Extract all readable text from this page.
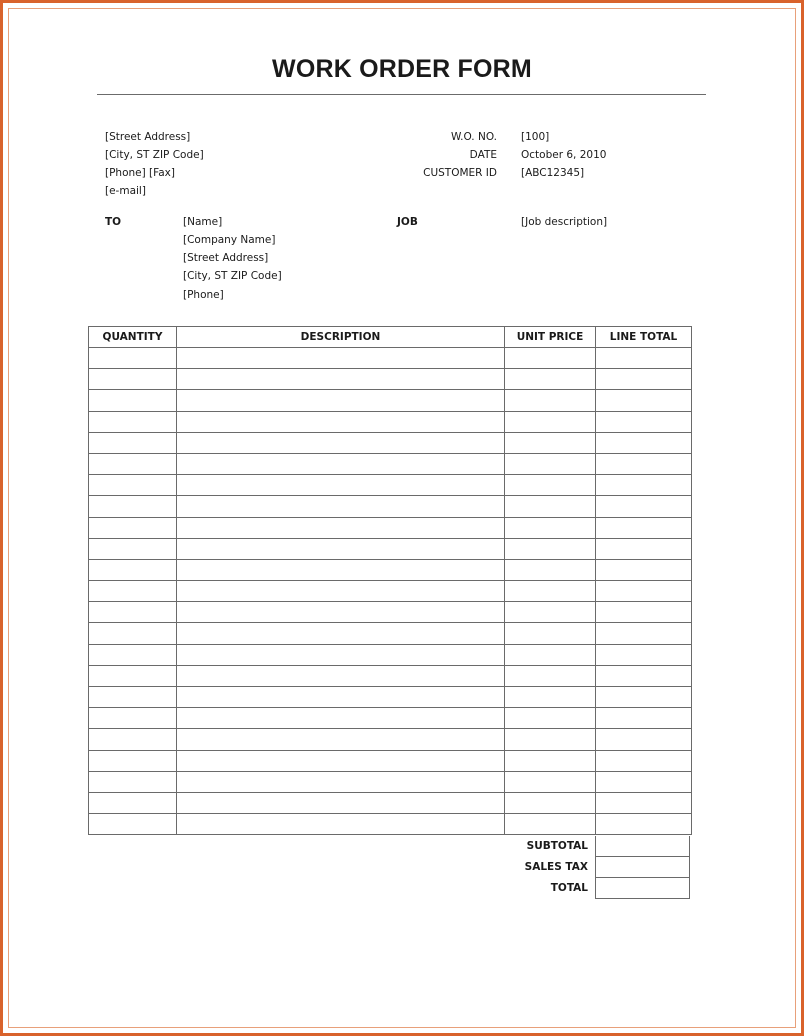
WORK ORDER FORM
[Street Address]
[City, ST ZIP Code]
[Phone] [Fax]
[e-mail]
W.O. NO. [100]
DATE October 6, 2010
CUSTOMER ID [ABC12345]
TO	[Name]
[Company Name]
[Street Address]
[City, ST ZIP Code]
[Phone]
JOB	[Job description]
QUANTITY	DESCRIPTION	UNIT PRICE	LINE TOTAL

SUBTOTAL
SALES TAX
TOTAL
